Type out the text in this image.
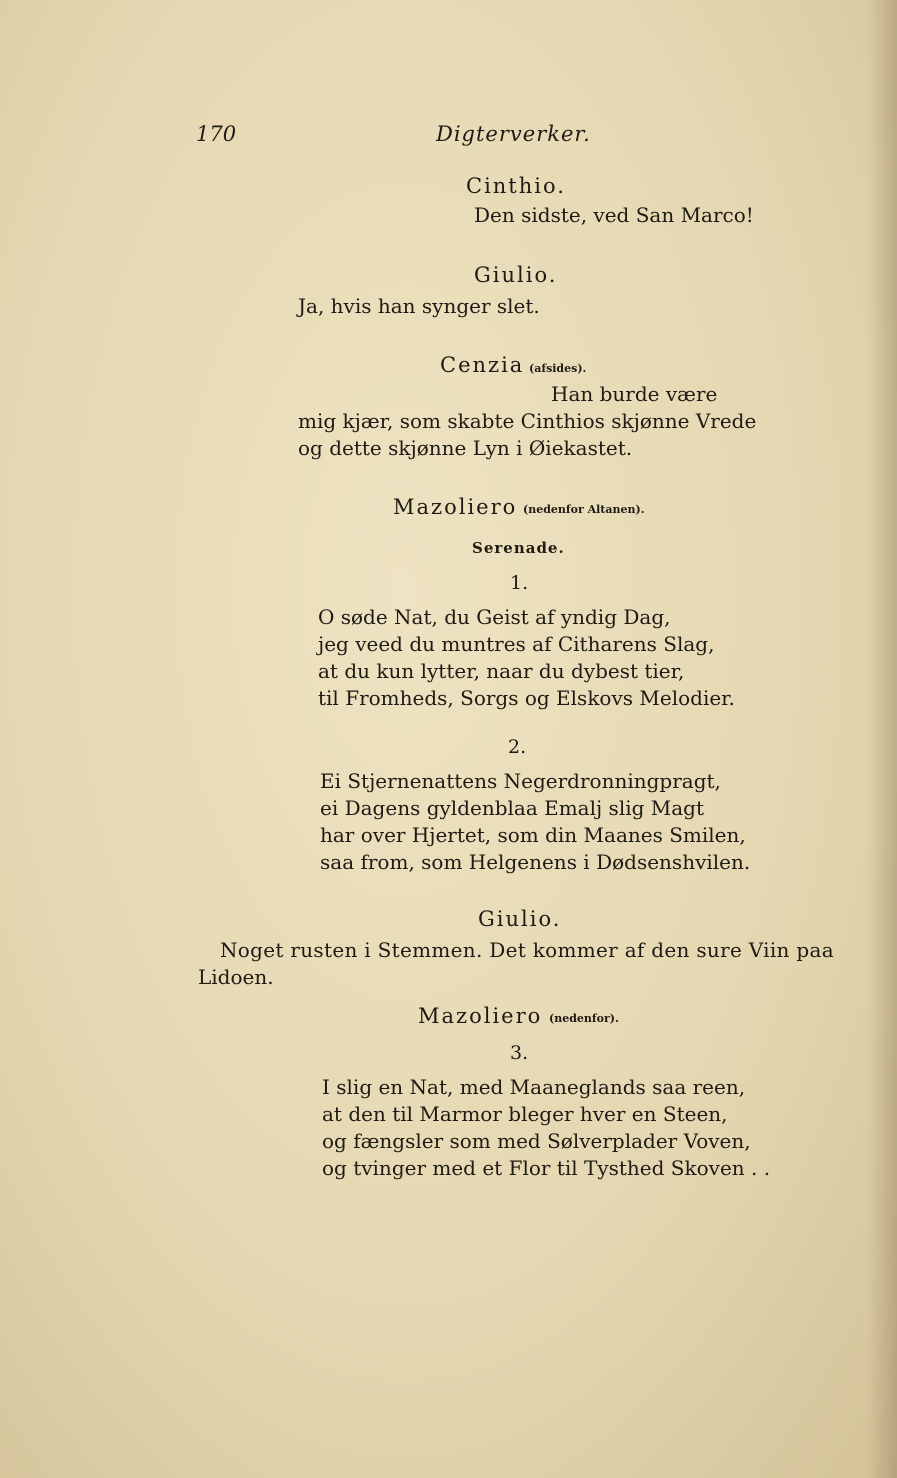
170	Digterverker.
Cinthio.
Den sidste, ved San Marco!
Giulio.
Ja, hvis han synger slet.
Cenzia (afsides).
Han burde være
mig kjær, som skabte Cinthios skjønne Vrede
og dette skjønne Lyn i Øiekastet.
Mazoliero (nedenfor Altanen).
Serenade.
1.
O søde Nat, du Geist af yndig Dag,
jeg veed du muntres af Citharens Slag,
at du kun lytter, naar du dybest tier,
til Fromheds, Sorgs og Elskovs Melodier.
2.
Ei Stjernenattens Negerdronningpragt,
ei Dagens gyldenblaa Emalj slig Magt
har over Hjertet, som din Maanes Smilen,
saa from, som Helgenens i Dødsenshvilen.
Giulio.
Noget rusten i Stemmen. Det kommer af den sure Viin paa
Lidoen.
Mazoliero (nedenfor).
3.
I slig en Nat, med Maaneglands saa reen,
at den til Marmor bleger hver en Steen,
og fængsler som med Sølverplader Voven,
og tvinger med et Flor til Tysthed Skoven . .
